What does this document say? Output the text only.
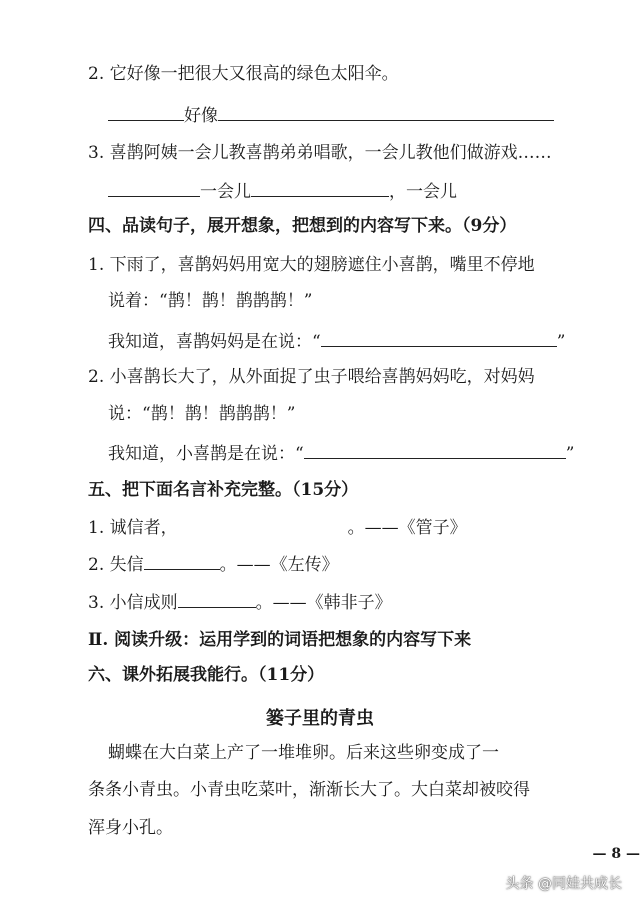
2. 它好像一把很大又很高的绿色太阳伞。
好像
3. 喜鹊阿姨一会儿教喜鹊弟弟唱歌，一会儿教他们做游戏……
一会儿	，一会儿
四、品读句子，展开想象，把想到的内容写下来。（9分）
1. 下雨了，喜鹊妈妈用宽大的翅膀遮住小喜鹊，嘴里不停地
说着：“鹊！鹊！鹊鹊鹊！”
我知道，喜鹊妈妈是在说：“	”
2. 小喜鹊长大了，从外面捉了虫子喂给喜鹊妈妈吃，对妈妈
说：“鹊！鹊！鹊鹊鹊！”
我知道，小喜鹊是在说：“	”
五、把下面名言补充完整。（15分）
1. 诚信者，	。——《管子》
2. 失信	。——《左传》
3. 小信成则	。——《韩非子》
Ⅱ. 阅读升级：运用学到的词语把想象的内容写下来
六、课外拓展我能行。（11分）
篓子里的青虫
蝴蝶在大白菜上产了一堆堆卵。后来这些卵变成了一
条条小青虫。小青虫吃菜叶，渐渐长大了。大白菜却被咬得
浑身小孔。
— 8 —
头条 @同娃共成长
